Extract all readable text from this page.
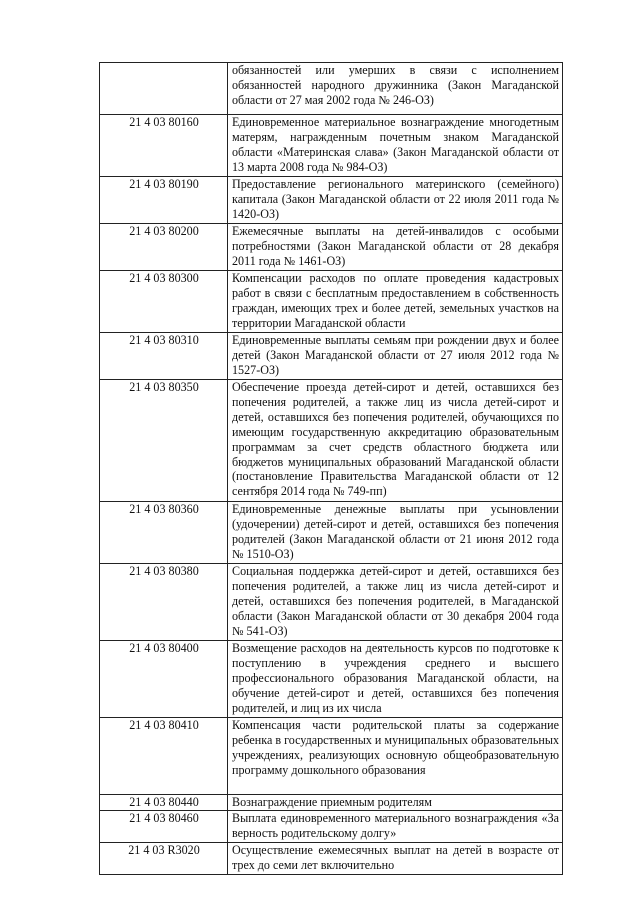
	обязанностей или умерших в связи с исполнением обязанностей народного дружинника (Закон Магаданской области от 27 мая 2002 года № 246-ОЗ)
21 4 03 80160	Единовременное материальное вознаграждение многодетным матерям, награжденным почетным знаком Магаданской области «Материнская слава» (Закон Магаданской области от 13 марта 2008 года № 984-ОЗ)
21 4 03 80190	Предоставление регионального материнского (семейного) капитала (Закон Магаданской области от 22 июля 2011 года № 1420-ОЗ)
21 4 03 80200	Ежемесячные выплаты на детей-инвалидов с особыми потребностями (Закон Магаданской области от 28 декабря 2011 года № 1461-ОЗ)
21 4 03 80300	Компенсации расходов по оплате проведения кадастровых работ в связи с бесплатным предоставлением в собственность граждан, имеющих трех и более детей, земельных участков на территории Магаданской области
21 4 03 80310	Единовременные выплаты семьям при рождении двух и более детей (Закон Магаданской области от 27 июля 2012 года № 1527-ОЗ)
21 4 03 80350	Обеспечение проезда детей-сирот и детей, оставшихся без попечения родителей, а также лиц из числа детей-сирот и детей, оставшихся без попечения родителей, обучающихся по имеющим государственную аккредитацию образовательным программам за счет средств областного бюджета или бюджетов муниципальных образований Магаданской области (постановление Правительства Магаданской области от 12 сентября 2014 года № 749-пп)
21 4 03 80360	Единовременные денежные выплаты при усыновлении (удочерении) детей-сирот и детей, оставшихся без попечения родителей (Закон Магаданской области от 21 июня 2012 года № 1510-ОЗ)
21 4 03 80380	Социальная поддержка детей-сирот и детей, оставшихся без попечения родителей, а также лиц из числа детей-сирот и детей, оставшихся без попечения родителей, в Магаданской области (Закон Магаданской области от 30 декабря 2004 года № 541-ОЗ)
21 4 03 80400	Возмещение расходов на деятельность курсов по подготовке к поступлению в учреждения среднего и высшего профессионального образования Магаданской области, на обучение детей-сирот и детей, оставшихся без попечения родителей, и лиц из их числа
21 4 03 80410	Компенсация части родительской платы за содержание ребенка в государственных и муниципальных образовательных учреждениях, реализующих основную общеобразовательную программу дошкольного образования
21 4 03 80440	Вознаграждение приемным родителям
21 4 03 80460	Выплата единовременного материального вознаграждения «За верность родительскому долгу»
21 4 03 R3020	Осуществление ежемесячных выплат на детей в возрасте от трех до семи лет включительно
